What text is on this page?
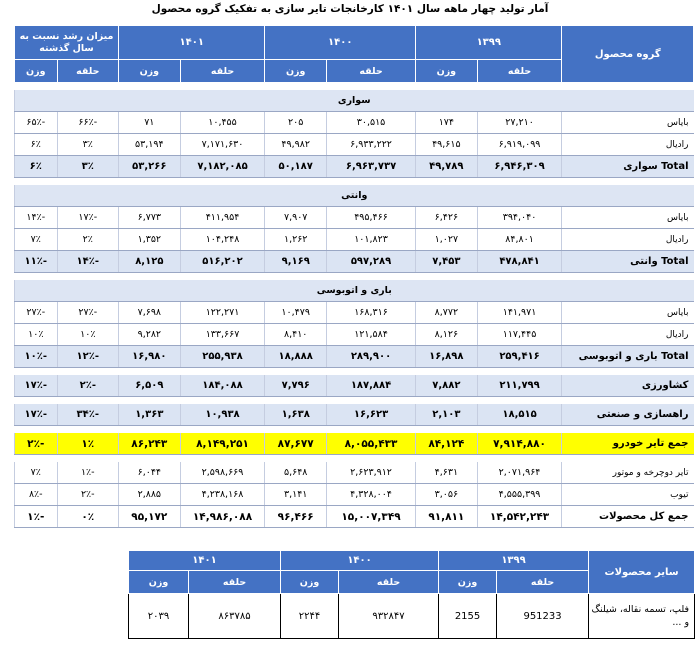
آمار تولید چهار ماهه سال ۱۴۰۱ کارخانجات تایر سازی به تفکیک گروه محصول
گروه محصول	۱۳۹۹		۱۴۰۰		۱۴۰۱		میزان رشد نسبت به سال گذشته	
	حلقه	وزن	حلقه	وزن	حلقه	وزن	حلقه	وزن

سواری								
بایاس	۲۷,۲۱۰	۱۷۴	۳۰,۵۱۵	۲۰۵	۱۰,۴۵۵	۷۱	-۶۶٪	-۶۵٪
رادیال	۶,۹۱۹,۰۹۹	۴۹,۶۱۵	۶,۹۳۳,۲۲۲	۴۹,۹۸۲	۷,۱۷۱,۶۳۰	۵۳,۱۹۴	۳٪	۶٪
Total سواری	۶,۹۴۶,۳۰۹	۴۹,۷۸۹	۶,۹۶۳,۷۳۷	۵۰,۱۸۷	۷,۱۸۲,۰۸۵	۵۳,۲۶۶	۳٪	۶٪

وانتی								
بایاس	۳۹۴,۰۴۰	۶,۴۲۶	۴۹۵,۴۶۶	۷,۹۰۷	۴۱۱,۹۵۴	۶,۷۷۳	-۱۷٪	-۱۴٪
رادیال	۸۴,۸۰۱	۱,۰۲۷	۱۰۱,۸۲۳	۱,۲۶۲	۱۰۴,۲۴۸	۱,۳۵۲	۲٪	۷٪
Total وانتی	۴۷۸,۸۴۱	۷,۴۵۳	۵۹۷,۲۸۹	۹,۱۶۹	۵۱۶,۲۰۲	۸,۱۲۵	-۱۴٪	-۱۱٪

باری و اتوبوسی								
بایاس	۱۴۱,۹۷۱	۸,۷۷۲	۱۶۸,۳۱۶	۱۰,۴۷۹	۱۲۲,۲۷۱	۷,۶۹۸	-۲۷٪	-۲۷٪
رادیال	۱۱۷,۴۴۵	۸,۱۲۶	۱۲۱,۵۸۴	۸,۴۱۰	۱۳۳,۶۶۷	۹,۲۸۲	۱۰٪	۱۰٪
Total باری و اتوبوسی	۲۵۹,۴۱۶	۱۶,۸۹۸	۲۸۹,۹۰۰	۱۸,۸۸۸	۲۵۵,۹۳۸	۱۶,۹۸۰	-۱۲٪	-۱۰٪

کشاورزی	۲۱۱,۷۹۹	۷,۸۸۲	۱۸۷,۸۸۴	۷,۷۹۶	۱۸۴,۰۸۸	۶,۵۰۹	-۲٪	-۱۷٪

راهسازی و صنعتی	۱۸,۵۱۵	۲,۱۰۳	۱۶,۶۲۳	۱,۶۳۸	۱۰,۹۳۸	۱,۳۶۳	-۳۴٪	-۱۷٪

جمع تایر خودرو	۷,۹۱۴,۸۸۰	۸۴,۱۲۴	۸,۰۵۵,۴۳۳	۸۷,۶۷۷	۸,۱۴۹,۲۵۱	۸۶,۲۴۳	۱٪	-۲٪

تایر دوچرخه و موتور	۲,۰۷۱,۹۶۴	۴,۶۳۱	۲,۶۲۳,۹۱۲	۵,۶۴۸	۲,۵۹۸,۶۶۹	۶,۰۴۴	-۱٪	۷٪
تیوب	۴,۵۵۵,۳۹۹	۳,۰۵۶	۴,۳۲۸,۰۰۴	۳,۱۴۱	۴,۲۳۸,۱۶۸	۲,۸۸۵	-۲٪	-۸٪
جمع کل محصولات	۱۴,۵۴۲,۲۴۳	۹۱,۸۱۱	۱۵,۰۰۷,۳۴۹	۹۶,۴۶۶	۱۴,۹۸۶,۰۸۸	۹۵,۱۷۲	۰٪	-۱٪
سایر محصولات	۱۳۹۹		۱۴۰۰		۱۴۰۱	
	حلقه	وزن	حلقه	وزن	حلقه	وزن
فلپ، تسمه نقاله، شیلنگ و ...	951233	2155	۹۳۲۸۴۷	۲۲۴۴	۸۶۳۷۸۵	۲۰۳۹
